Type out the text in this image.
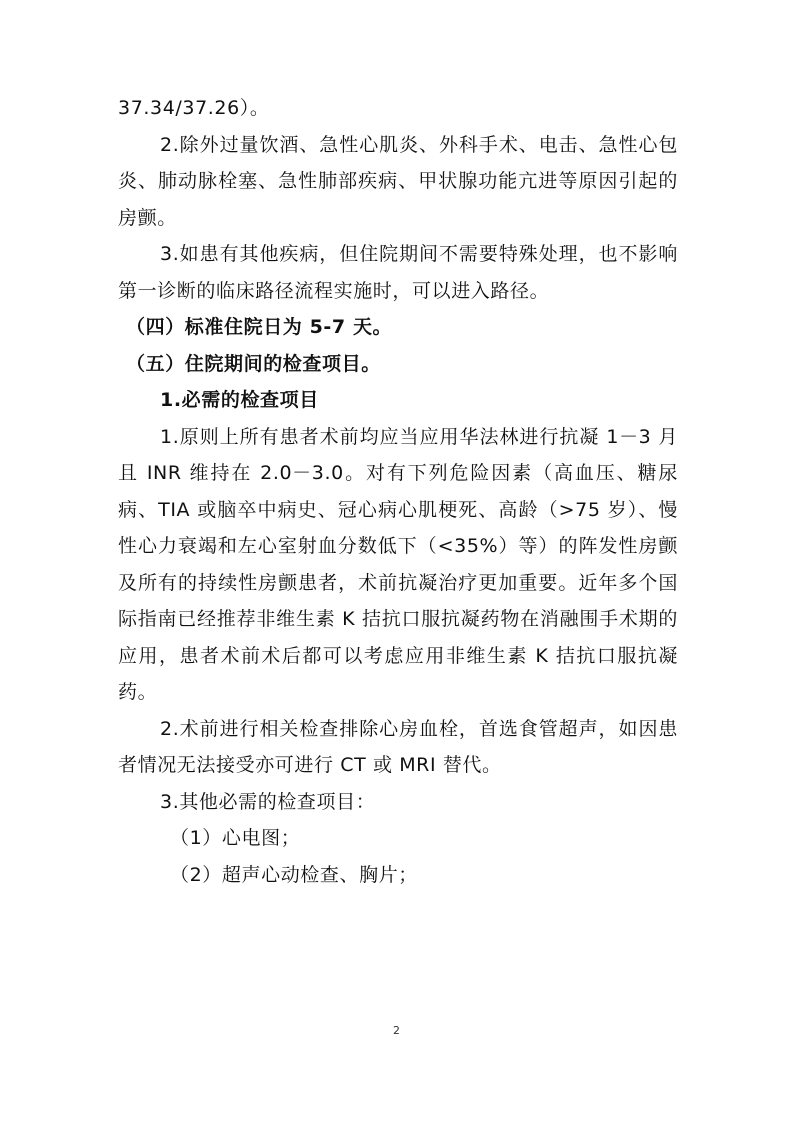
37.34/37.26）。

2.除外过量饮酒、急性心肌炎、外科手术、电击、急性心包炎、肺动脉栓塞、急性肺部疾病、甲状腺功能亢进等原因引起的房颤。

3.如患有其他疾病，但住院期间不需要特殊处理，也不影响第一诊断的临床路径流程实施时，可以进入路径。

（四）标准住院日为 5-7 天。

（五）住院期间的检查项目。

1.必需的检查项目

1.原则上所有患者术前均应当应用华法林进行抗凝 1－3 月且 INR 维持在 2.0－3.0。对有下列危险因素（高血压、糖尿病、TIA 或脑卒中病史、冠心病心肌梗死、高龄（>75 岁）、慢性心力衰竭和左心室射血分数低下（<35%）等）的阵发性房颤及所有的持续性房颤患者，术前抗凝治疗更加重要。近年多个国际指南已经推荐非维生素 K 拮抗口服抗凝药物在消融围手术期的应用，患者术前术后都可以考虑应用非维生素 K 拮抗口服抗凝药。

2.术前进行相关检查排除心房血栓，首选食管超声，如因患者情况无法接受亦可进行 CT 或 MRI 替代。

3.其他必需的检查项目：

（1）心电图；

（2）超声心动检查、胸片；

2
